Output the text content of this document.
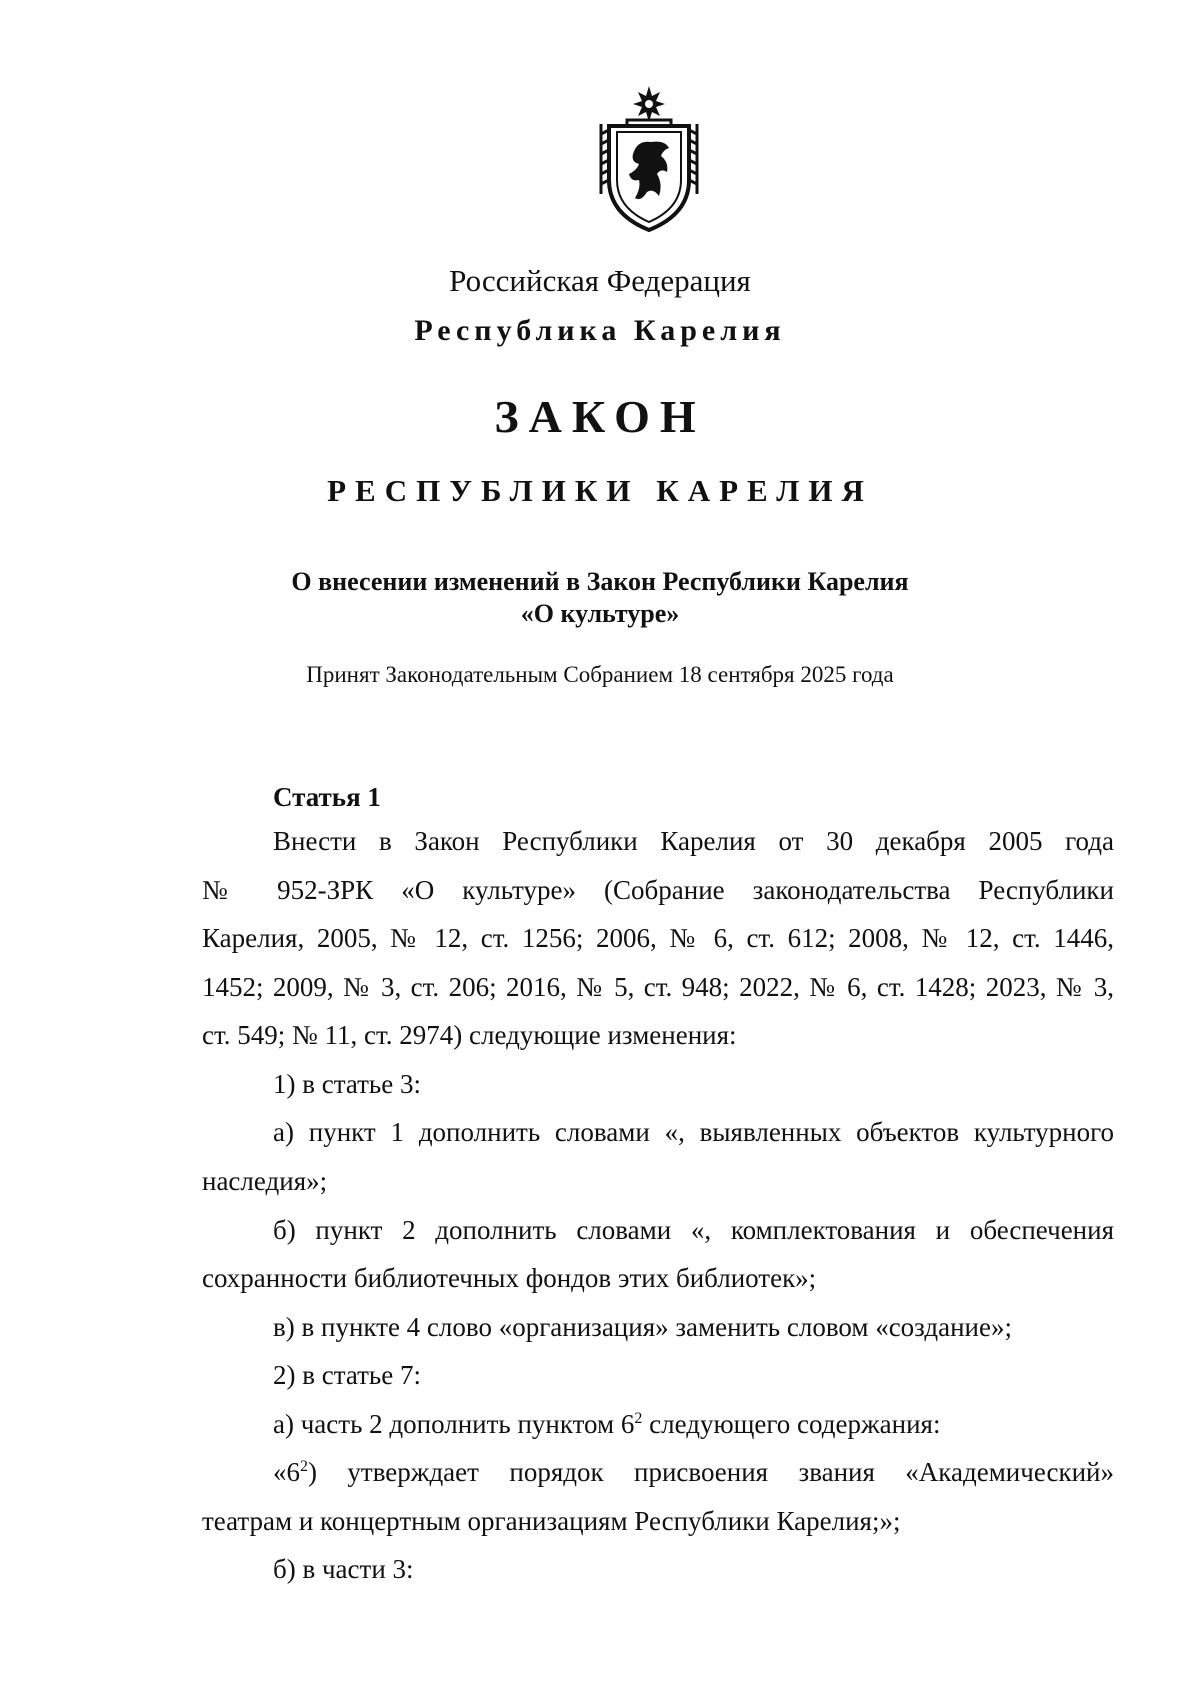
Российская Федерация
Республика Карелия
ЗАКОН
РЕСПУБЛИКИ КАРЕЛИЯ
О внесении изменений в Закон Республики Карелия
«О культуре»
Принят Законодательным Собранием 18 сентября 2025 года
Статья 1
Внести в Закон Республики Карелия от 30 декабря 2005 года
№ 952-ЗРК «О культуре» (Собрание законодательства Республики
Карелия, 2005, № 12, ст. 1256; 2006, № 6, ст. 612; 2008, № 12, ст. 1446,
1452; 2009, № 3, ст. 206; 2016, № 5, ст. 948; 2022, № 6, ст. 1428; 2023, № 3,
ст. 549; № 11, ст. 2974) следующие изменения:
1) в статье 3:
а) пункт 1 дополнить словами «, выявленных объектов культурного
наследия»;
б) пункт 2 дополнить словами «, комплектования и обеспечения
сохранности библиотечных фондов этих библиотек»;
в) в пункте 4 слово «организация» заменить словом «создание»;
2) в статье 7:
а) часть 2 дополнить пунктом $6^2$ следующего содержания:
«$6^2$ ) утверждает порядок присвоения звания «Академический»
театрам и концертным организациям Республики Карелия;»;
б) в части 3:
